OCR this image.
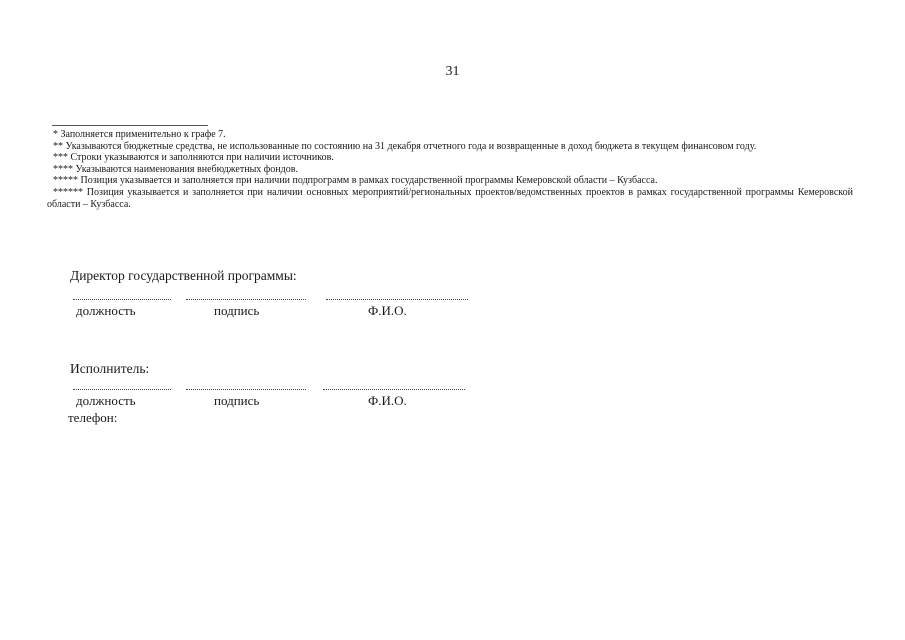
31

* Заполняется применительно к графе 7.

** Указываются бюджетные средства, не использованные по состоянию на 31 декабря отчетного года и возвращенные в доход бюджета в текущем финансовом году.

*** Строки указываются и заполняются при наличии источников.

**** Указываются наименования внебюджетных фондов.

***** Позиция указывается и заполняется при наличии подпрограмм в рамках государственной программы Кемеровской области – Кузбасса.

****** Позиция указывается и заполняется при наличии основных мероприятий/региональных проектов/ведомственных проектов в рамках государственной программы Кемеровской области – Кузбасса.

Директор государственной программы:
должность	подпись	Ф.И.О.
Исполнитель:
должность	подпись	Ф.И.О.
телефон:
